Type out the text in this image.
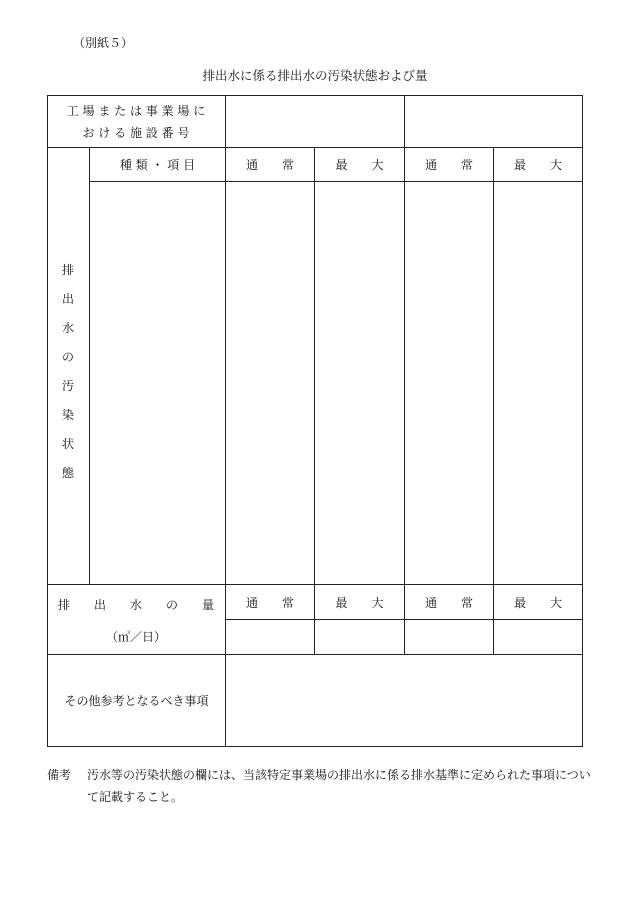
（別紙５）
排出水に係る排出水の汚染状態および量
工 場 ま た は 事 業 場 に
お け る 施 設 番 号
排
出
水
の
汚
染
状
態
種 類 ・ 項 目	通　　常	最　　大	通　　常	最　　大
排　　出　　水　　の　　量
（㎥／日）
通　　常	最　　大	通　　常	最　　大
その他参考となるべき事項
備考	汚水等の汚染状態の欄には、当該特定事業場の排出水に係る排水基準に定められた事項について記載すること。
